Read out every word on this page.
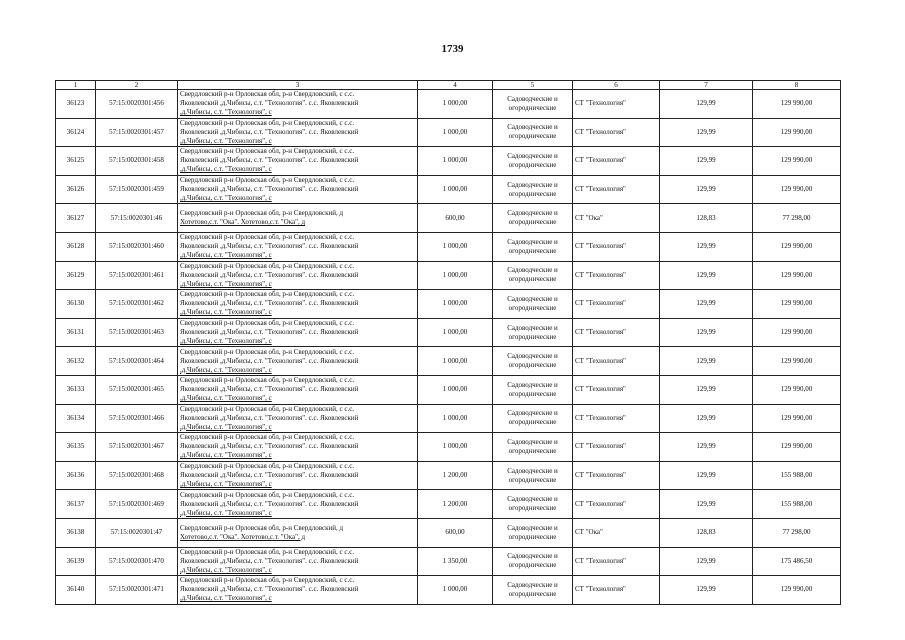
1739
1	2	3	4	5	6	7	8
36123	57:15:0020301:456	Свердловский р-н Орловская обл, р-н Свердловский, с с.с.
Яковлевский ,д.Чибисы, с.т. "Технология". с.с. Яковлевский
,д.Чибисы, с.т. "Технология", с	1 000,00	Садоводческие и
огороднические	СТ "Технология"	129,99	129 990,00
36124	57:15:0020301:457	Свердловский р-н Орловская обл, р-н Свердловский, с с.с.
Яковлевский ,д.Чибисы, с.т. "Технология". с.с. Яковлевский
,д.Чибисы, с.т. "Технология", с	1 000,00	Садоводческие и
огороднические	СТ "Технология"	129,99	129 990,00
36125	57:15:0020301:458	Свердловский р-н Орловская обл, р-н Свердловский, с с.с.
Яковлевский ,д.Чибисы, с.т. "Технология". с.с. Яковлевский
,д.Чибисы, с.т. "Технология", с	1 000,00	Садоводческие и
огороднические	СТ "Технология"	129,99	129 990,00
36126	57:15:0020301:459	Свердловский р-н Орловская обл, р-н Свердловский, с с.с.
Яковлевский ,д.Чибисы, с.т. "Технология". с.с. Яковлевский
,д.Чибисы, с.т. "Технология", с	1 000,00	Садоводческие и
огороднические	СТ "Технология"	129,99	129 990,00
36127	57:15:0020301:46	Свердловский р-н Орловская обл, р-н Свердловский, д
Хотетово,с.т. "Ока". Хотетово,с.т. "Ока", д	600,00	Садоводческие и
огороднические	СТ "Ока"	128,83	77 298,00
36128	57:15:0020301:460	Свердловский р-н Орловская обл, р-н Свердловский, с с.с.
Яковлевский ,д.Чибисы, с.т. "Технология". с.с. Яковлевский
,д.Чибисы, с.т. "Технология", с	1 000,00	Садоводческие и
огороднические	СТ "Технология"	129,99	129 990,00
36129	57:15:0020301:461	Свердловский р-н Орловская обл, р-н Свердловский, с с.с.
Яковлевский ,д.Чибисы, с.т. "Технология". с.с. Яковлевский
,д.Чибисы, с.т. "Технология", с	1 000,00	Садоводческие и
огороднические	СТ "Технология"	129,99	129 990,00
36130	57:15:0020301:462	Свердловский р-н Орловская обл, р-н Свердловский, с с.с.
Яковлевский ,д.Чибисы, с.т. "Технология". с.с. Яковлевский
,д.Чибисы, с.т. "Технология", с	1 000,00	Садоводческие и
огороднические	СТ "Технология"	129,99	129 990,00
36131	57:15:0020301:463	Свердловский р-н Орловская обл, р-н Свердловский, с с.с.
Яковлевский ,д.Чибисы, с.т. "Технология". с.с. Яковлевский
,д.Чибисы, с.т. "Технология", с	1 000,00	Садоводческие и
огороднические	СТ "Технология"	129,99	129 990,00
36132	57:15:0020301:464	Свердловский р-н Орловская обл, р-н Свердловский, с с.с.
Яковлевский ,д.Чибисы, с.т. "Технология". с.с. Яковлевский
,д.Чибисы, с.т. "Технология", с	1 000,00	Садоводческие и
огороднические	СТ "Технология"	129,99	129 990,00
36133	57:15:0020301:465	Свердловский р-н Орловская обл, р-н Свердловский, с с.с.
Яковлевский ,д.Чибисы, с.т. "Технология". с.с. Яковлевский
,д.Чибисы, с.т. "Технология", с	1 000,00	Садоводческие и
огороднические	СТ "Технология"	129,99	129 990,00
36134	57:15:0020301:466	Свердловский р-н Орловская обл, р-н Свердловский, с с.с.
Яковлевский ,д.Чибисы, с.т. "Технология". с.с. Яковлевский
,д.Чибисы, с.т. "Технология", с	1 000,00	Садоводческие и
огороднические	СТ "Технология"	129,99	129 990,00
36135	57:15:0020301:467	Свердловский р-н Орловская обл, р-н Свердловский, с с.с.
Яковлевский ,д.Чибисы, с.т. "Технология". с.с. Яковлевский
,д.Чибисы, с.т. "Технология", с	1 000,00	Садоводческие и
огороднические	СТ "Технология"	129,99	129 990,00
36136	57:15:0020301:468	Свердловский р-н Орловская обл, р-н Свердловский, с с.с.
Яковлевский ,д.Чибисы, с.т. "Технология". с.с. Яковлевский
,д.Чибисы, с.т. "Технология", с	1 200,00	Садоводческие и
огороднические	СТ "Технология"	129,99	155 988,00
36137	57:15:0020301:469	Свердловский р-н Орловская обл, р-н Свердловский, с с.с.
Яковлевский ,д.Чибисы, с.т. "Технология". с.с. Яковлевский
,д.Чибисы, с.т. "Технология", с	1 200,00	Садоводческие и
огороднические	СТ "Технология"	129,99	155 988,00
36138	57:15:0020301:47	Свердловский р-н Орловская обл, р-н Свердловский, д
Хотетово,с.т. "Ока". Хотетово,с.т. "Ока", д	600,00	Садоводческие и
огороднические	СТ "Ока"	128,83	77 298,00
36139	57:15:0020301:470	Свердловский р-н Орловская обл, р-н Свердловский, с с.с.
Яковлевский ,д.Чибисы, с.т. "Технология". с.с. Яковлевский
,д.Чибисы, с.т. "Технология", с	1 350,00	Садоводческие и
огороднические	СТ "Технология"	129,99	175 486,50
36140	57:15:0020301:471	Свердловский р-н Орловская обл, р-н Свердловский, с с.с.
Яковлевский ,д.Чибисы, с.т. "Технология". с.с. Яковлевский
,д.Чибисы, с.т. "Технология", с	1 000,00	Садоводческие и
огороднические	СТ "Технология"	129,99	129 990,00
